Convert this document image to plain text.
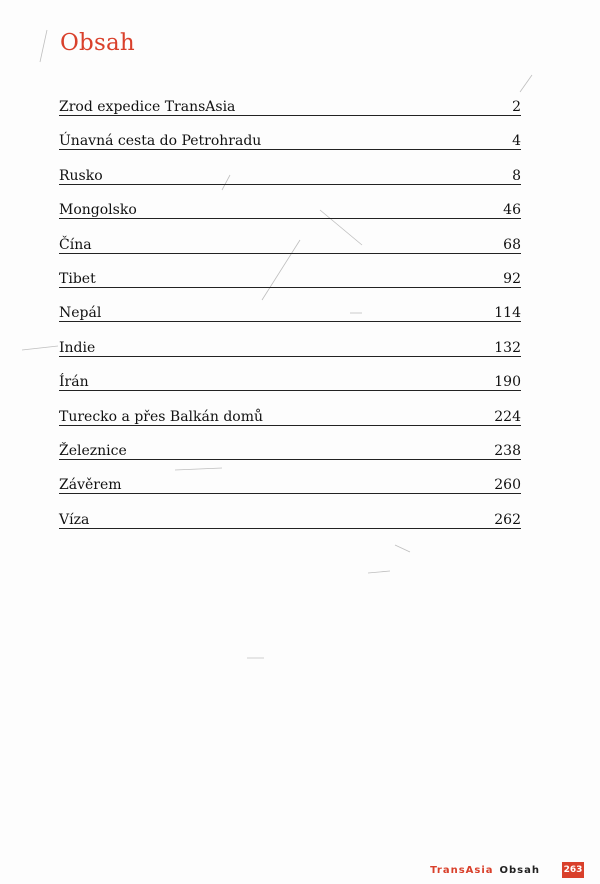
Obsah
Zrod expedice TransAsia	2
Únavná cesta do Petrohradu	4
Rusko	8
Mongolsko	46
Čína	68
Tibet	92
Nepál	114
Indie	132
Írán	190
Turecko a přes Balkán domů	224
Železnice	238
Závěrem	260
Víza	262
TransAsia Obsah	263
